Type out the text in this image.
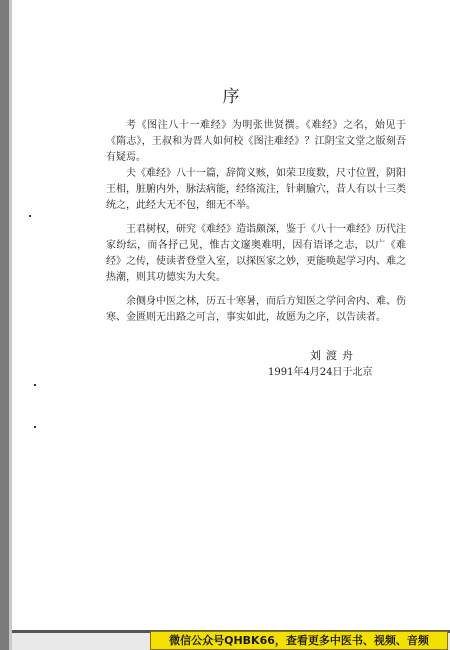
序

考《图注八十一难经》为明张世贤撰。《难经》之名，始见于《隋志》，王叔和为晋人如何校《图注难经》？江阴宝文堂之版刻吾有疑焉。

夫《难经》八十一篇，辞简义赅，如荣卫度数，尺寸位置，阴阳王相，脏腑内外，脉法病能，经络流注，针刺腧穴，昔人有以十三类统之，此经大无不包，细无不举。

王君树权，研究《难经》造诣颇深，鉴于《八十一难经》历代注家纷纭，而各抒己见，惟古文邃奥难明，因有语译之志，以广《难经》之传，使读者登堂入室，以探医家之妙，更能唤起学习内、难之热潮，则其功德实为大矣。

余侧身中医之林，历五十寒暑，而后方知医之学问舍内、难、伤寒、金匮则无出路之可言，事实如此，故愿为之序，以告读者。

刘渡舟
1991年4月24日于北京
微信公众号QHBK66，查看更多中医书、视频、音频
